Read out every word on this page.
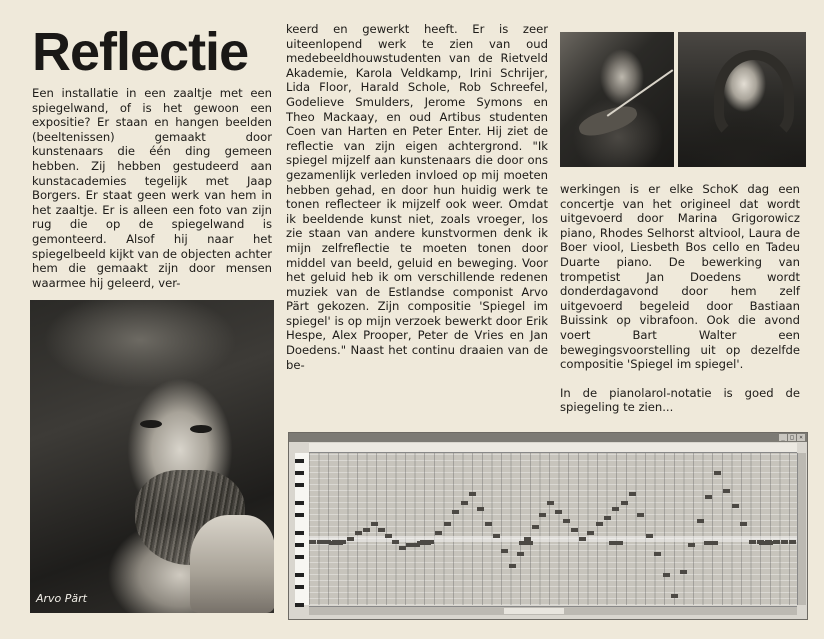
Reflectie

Een installatie in een zaaltje met een spiegelwand, of is het gewoon een expositie? Er staan en hangen beelden (beeltenissen) gemaakt door kunstenaars die één ding gemeen hebben. Zij hebben gestudeerd aan kunstacademies tegelijk met Jaap Borgers. Er staat geen werk van hem in het zaaltje. Er is alleen een foto van zijn rug die op de spiegelwand is gemonteerd. Alsof hij naar het spiegelbeeld kijkt van de objecten achter hem die gemaakt zijn door mensen waarmee hij geleerd, ver-

keerd en gewerkt heeft. Er is zeer uiteenlopend werk te zien van oud medebeeldhouwstudenten van de Rietveld Akademie, Karola Veldkamp, Irini Schrijer, Lida Floor, Harald Schole, Rob Schreefel, Godelieve Smulders, Jerome Symons en Theo Mackaay, en oud Artibus studenten Coen van Harten en Peter Enter. Hij ziet de reflectie van zijn eigen achtergrond. "Ik spiegel mijzelf aan kunstenaars die door ons gezamenlijk verleden invloed op mij moeten hebben gehad, en door hun huidig werk te tonen reflecteer ik mijzelf ook weer. Omdat ik beeldende kunst niet, zoals vroeger, los zie staan van andere kunstvormen denk ik mijn zelfreflectie te moeten tonen door middel van beeld, geluid en beweging. Voor het geluid heb ik om verschillende redenen muziek van de Estlandse componist Arvo Pärt gekozen. Zijn compositie 'Spiegel im spiegel' is op mijn verzoek bewerkt door Erik Hespe, Alex Prooper, Peter de Vries en Jan Doedens." Naast het continu draaien van de be-

werkingen is er elke SchoK dag een concertje van het origineel dat wordt uitgevoerd door Marina Grigorowicz piano, Rhodes Selhorst altviool, Laura de Boer viool, Liesbeth Bos cello en Tadeu Duarte piano. De bewerking van trompetist Jan Doedens wordt donderdagavond door hem zelf uitgevoerd begeleid door Bastiaan Buissink op vibrafoon. Ook die avond voert Bart Walter een bewegingsvoorstelling uit op dezelfde compositie 'Spiegel im spiegel'.

In de pianolarol-notatie is goed de spiegeling te zien...

Arvo Pärt
_ □ ×
